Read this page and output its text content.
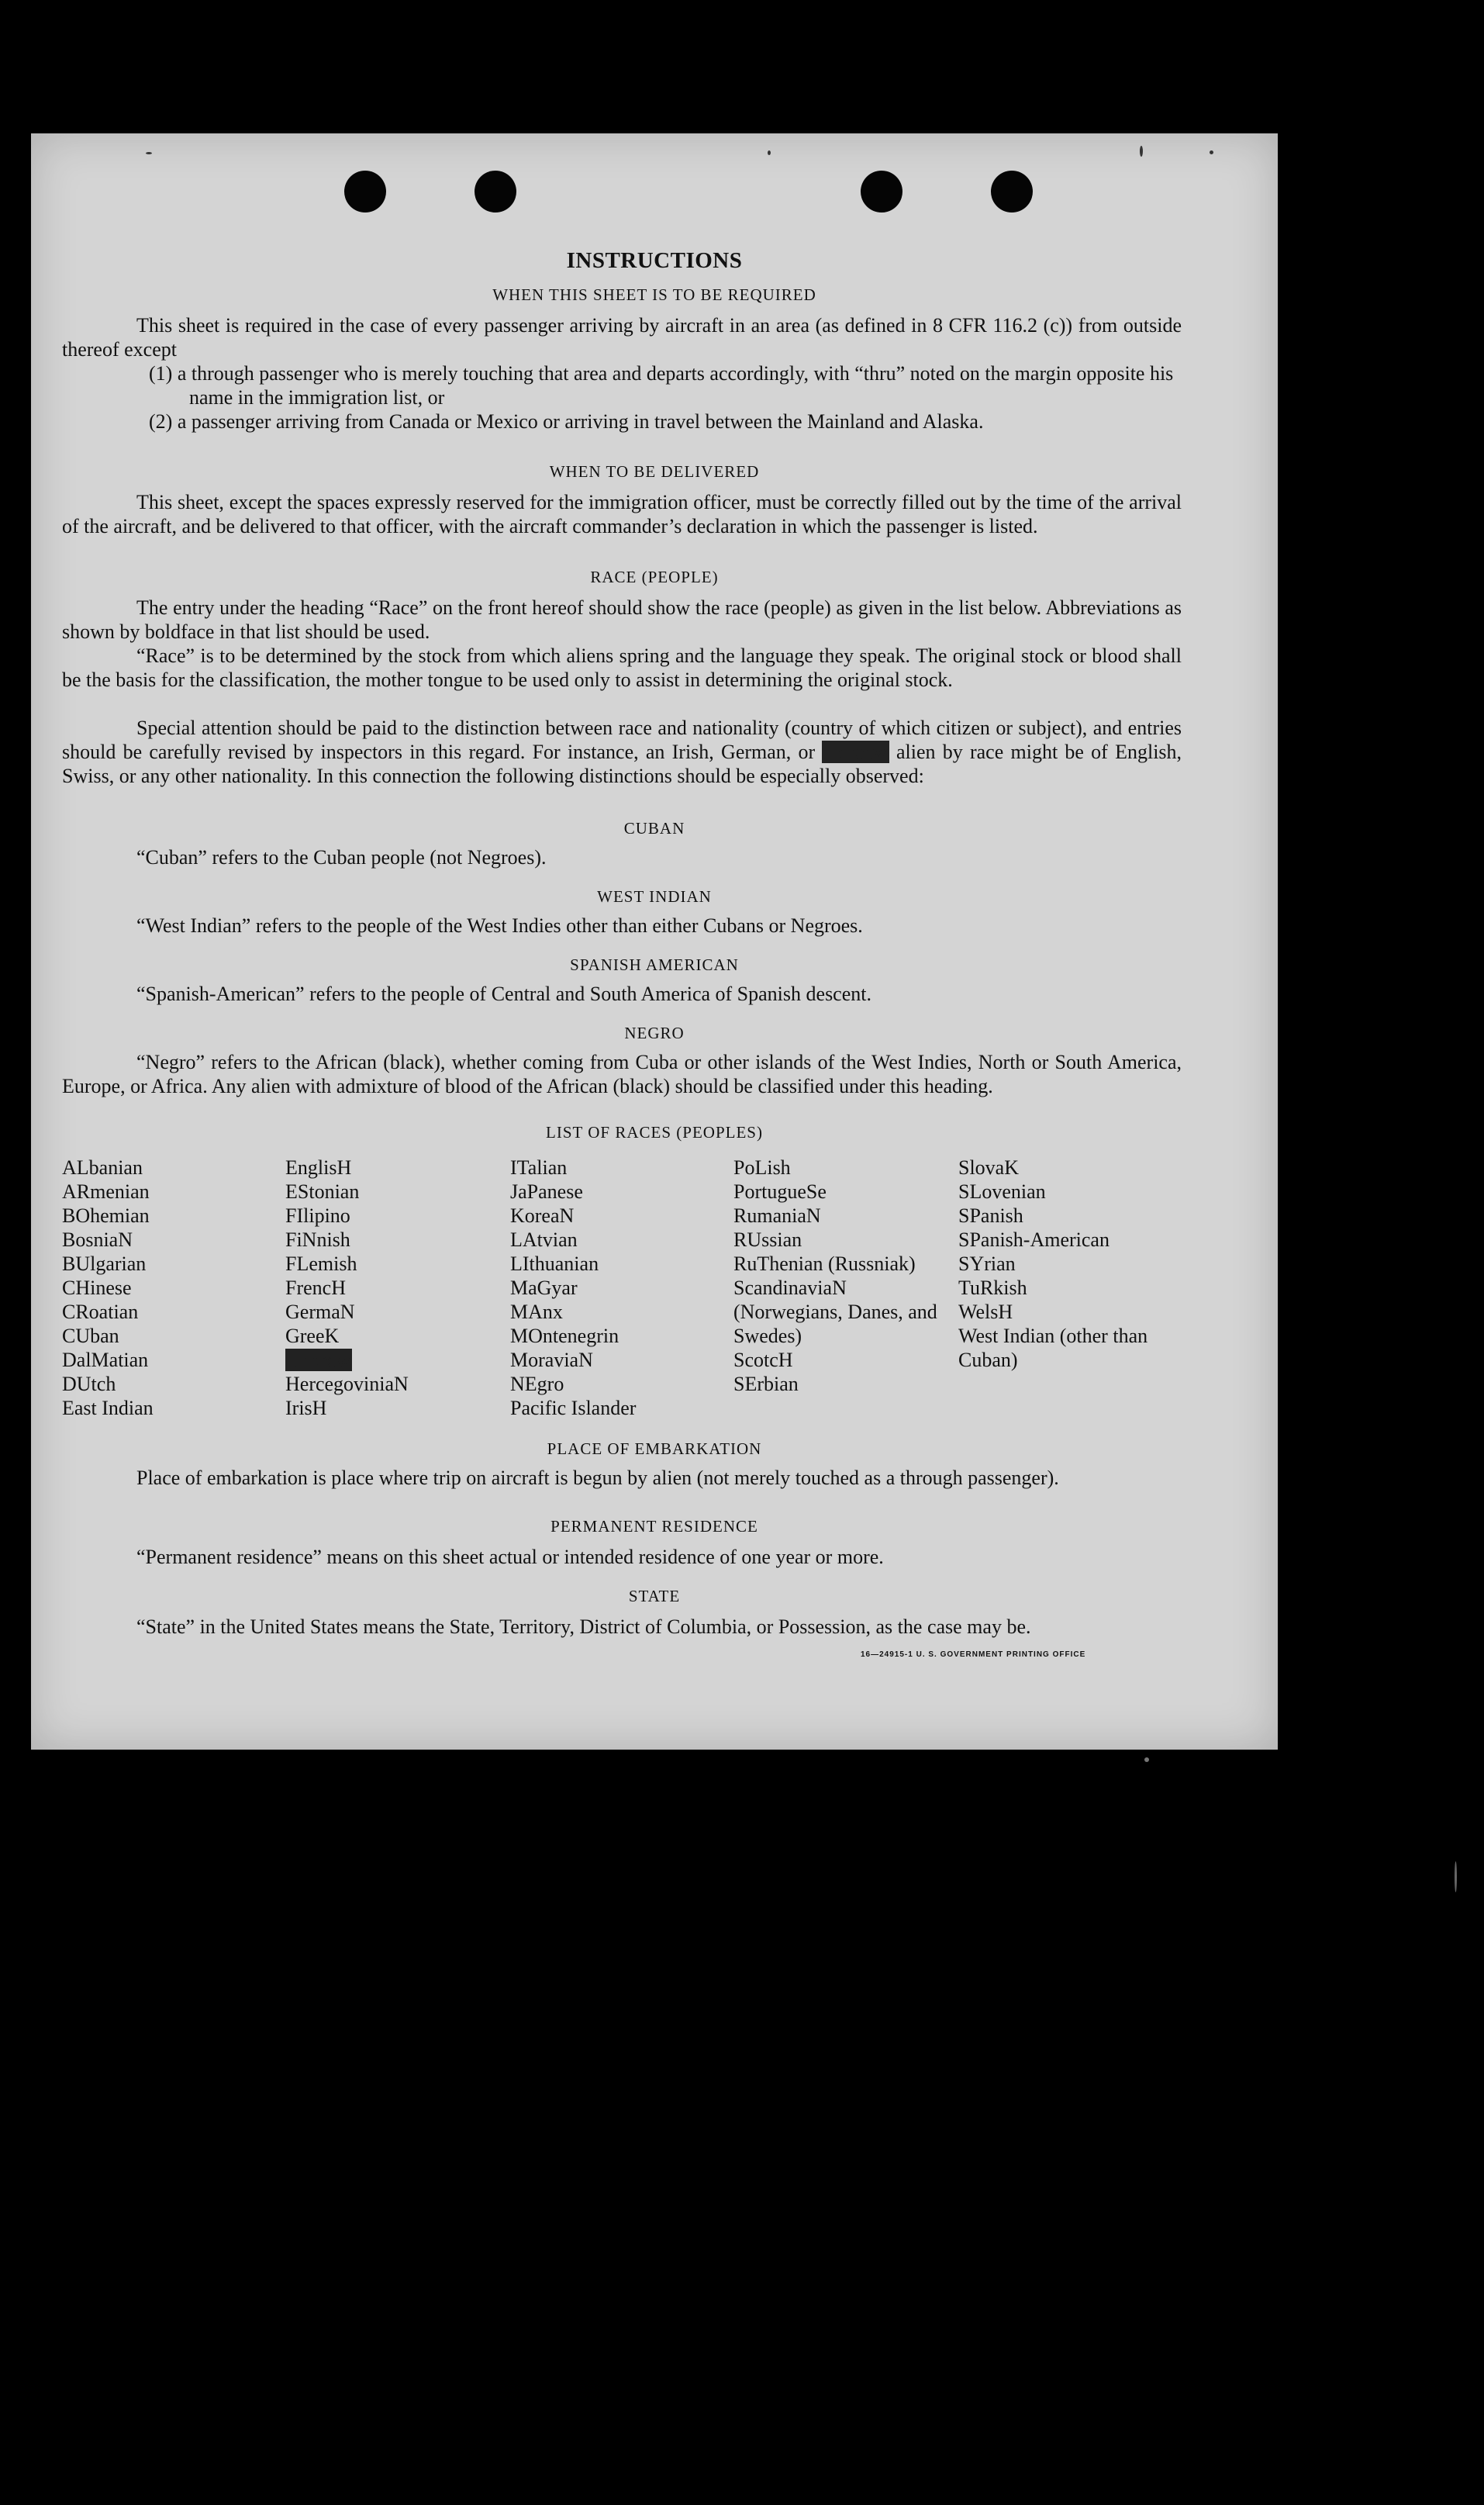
INSTRUCTIONS
WHEN THIS SHEET IS TO BE REQUIRED
This sheet is required in the case of every passenger arriving by aircraft in an area (as defined in 8 CFR 116.2 (c)) from outside thereof except
(1) a through passenger who is merely touching that area and departs accordingly, with “thru” noted on the margin opposite his name in the immigration list, or
(2) a passenger arriving from Canada or Mexico or arriving in travel between the Mainland and Alaska.
WHEN TO BE DELIVERED
This sheet, except the spaces expressly reserved for the immigration officer, must be correctly filled out by the time of the arrival of the aircraft, and be delivered to that officer, with the aircraft commander’s declaration in which the passenger is listed.
RACE (PEOPLE)
The entry under the heading “Race” on the front hereof should show the race (people) as given in the list below. Abbreviations as shown by boldface in that list should be used.
“Race” is to be determined by the stock from which aliens spring and the language they speak. The original stock or blood shall be the basis for the classification, the mother tongue to be used only to assist in determining the original stock.
Special attention should be paid to the distinction between race and nationality (country of which citizen or subject), and entries should be carefully revised by inspectors in this regard. For instance, an Irish, German, or Hebrew alien by race might be of English, Swiss, or any other nationality. In this connection the following distinctions should be especially observed:
CUBAN
“Cuban” refers to the Cuban people (not Negroes).
WEST INDIAN
“West Indian” refers to the people of the West Indies other than either Cubans or Negroes.
SPANISH AMERICAN
“Spanish-American” refers to the people of Central and South America of Spanish descent.
NEGRO
“Negro” refers to the African (black), whether coming from Cuba or other islands of the West Indies, North or South America, Europe, or Africa. Any alien with admixture of blood of the African (black) should be classified under this heading.
LIST OF RACES (PEOPLES)
ALbanian
ARmenian
BOhemian
BosniaN
BUlgarian
CHinese
CRoatian
CUban
DalMatian
DUtch
East Indian
EnglisH
EStonian
FIlipino
FiNnish
FLemish
FrencH
GermaN
GreeK
Hebrew
HercegoviniaN
IrisH
ITalian
JaPanese
KoreaN
LAtvian
LIthuanian
MaGyar
MAnx
MOntenegrin
MoraviaN
NEgro
Pacific Islander
PoLish
PortugueSe
RumaniaN
RUssian
RuThenian (Russniak)
ScandinaviaN (Norwegians, Danes, and Swedes)
ScotcH
SErbian
SlovaK
SLovenian
SPanish
SPanish-American
SYrian
TuRkish
WelsH
West Indian (other than Cuban)
PLACE OF EMBARKATION
Place of embarkation is place where trip on aircraft is begun by alien (not merely touched as a through passenger).
PERMANENT RESIDENCE
“Permanent residence” means on this sheet actual or intended residence of one year or more.
STATE
“State” in the United States means the State, Territory, District of Columbia, or Possession, as the case may be.
16—24915-1 U. S. GOVERNMENT PRINTING OFFICE
